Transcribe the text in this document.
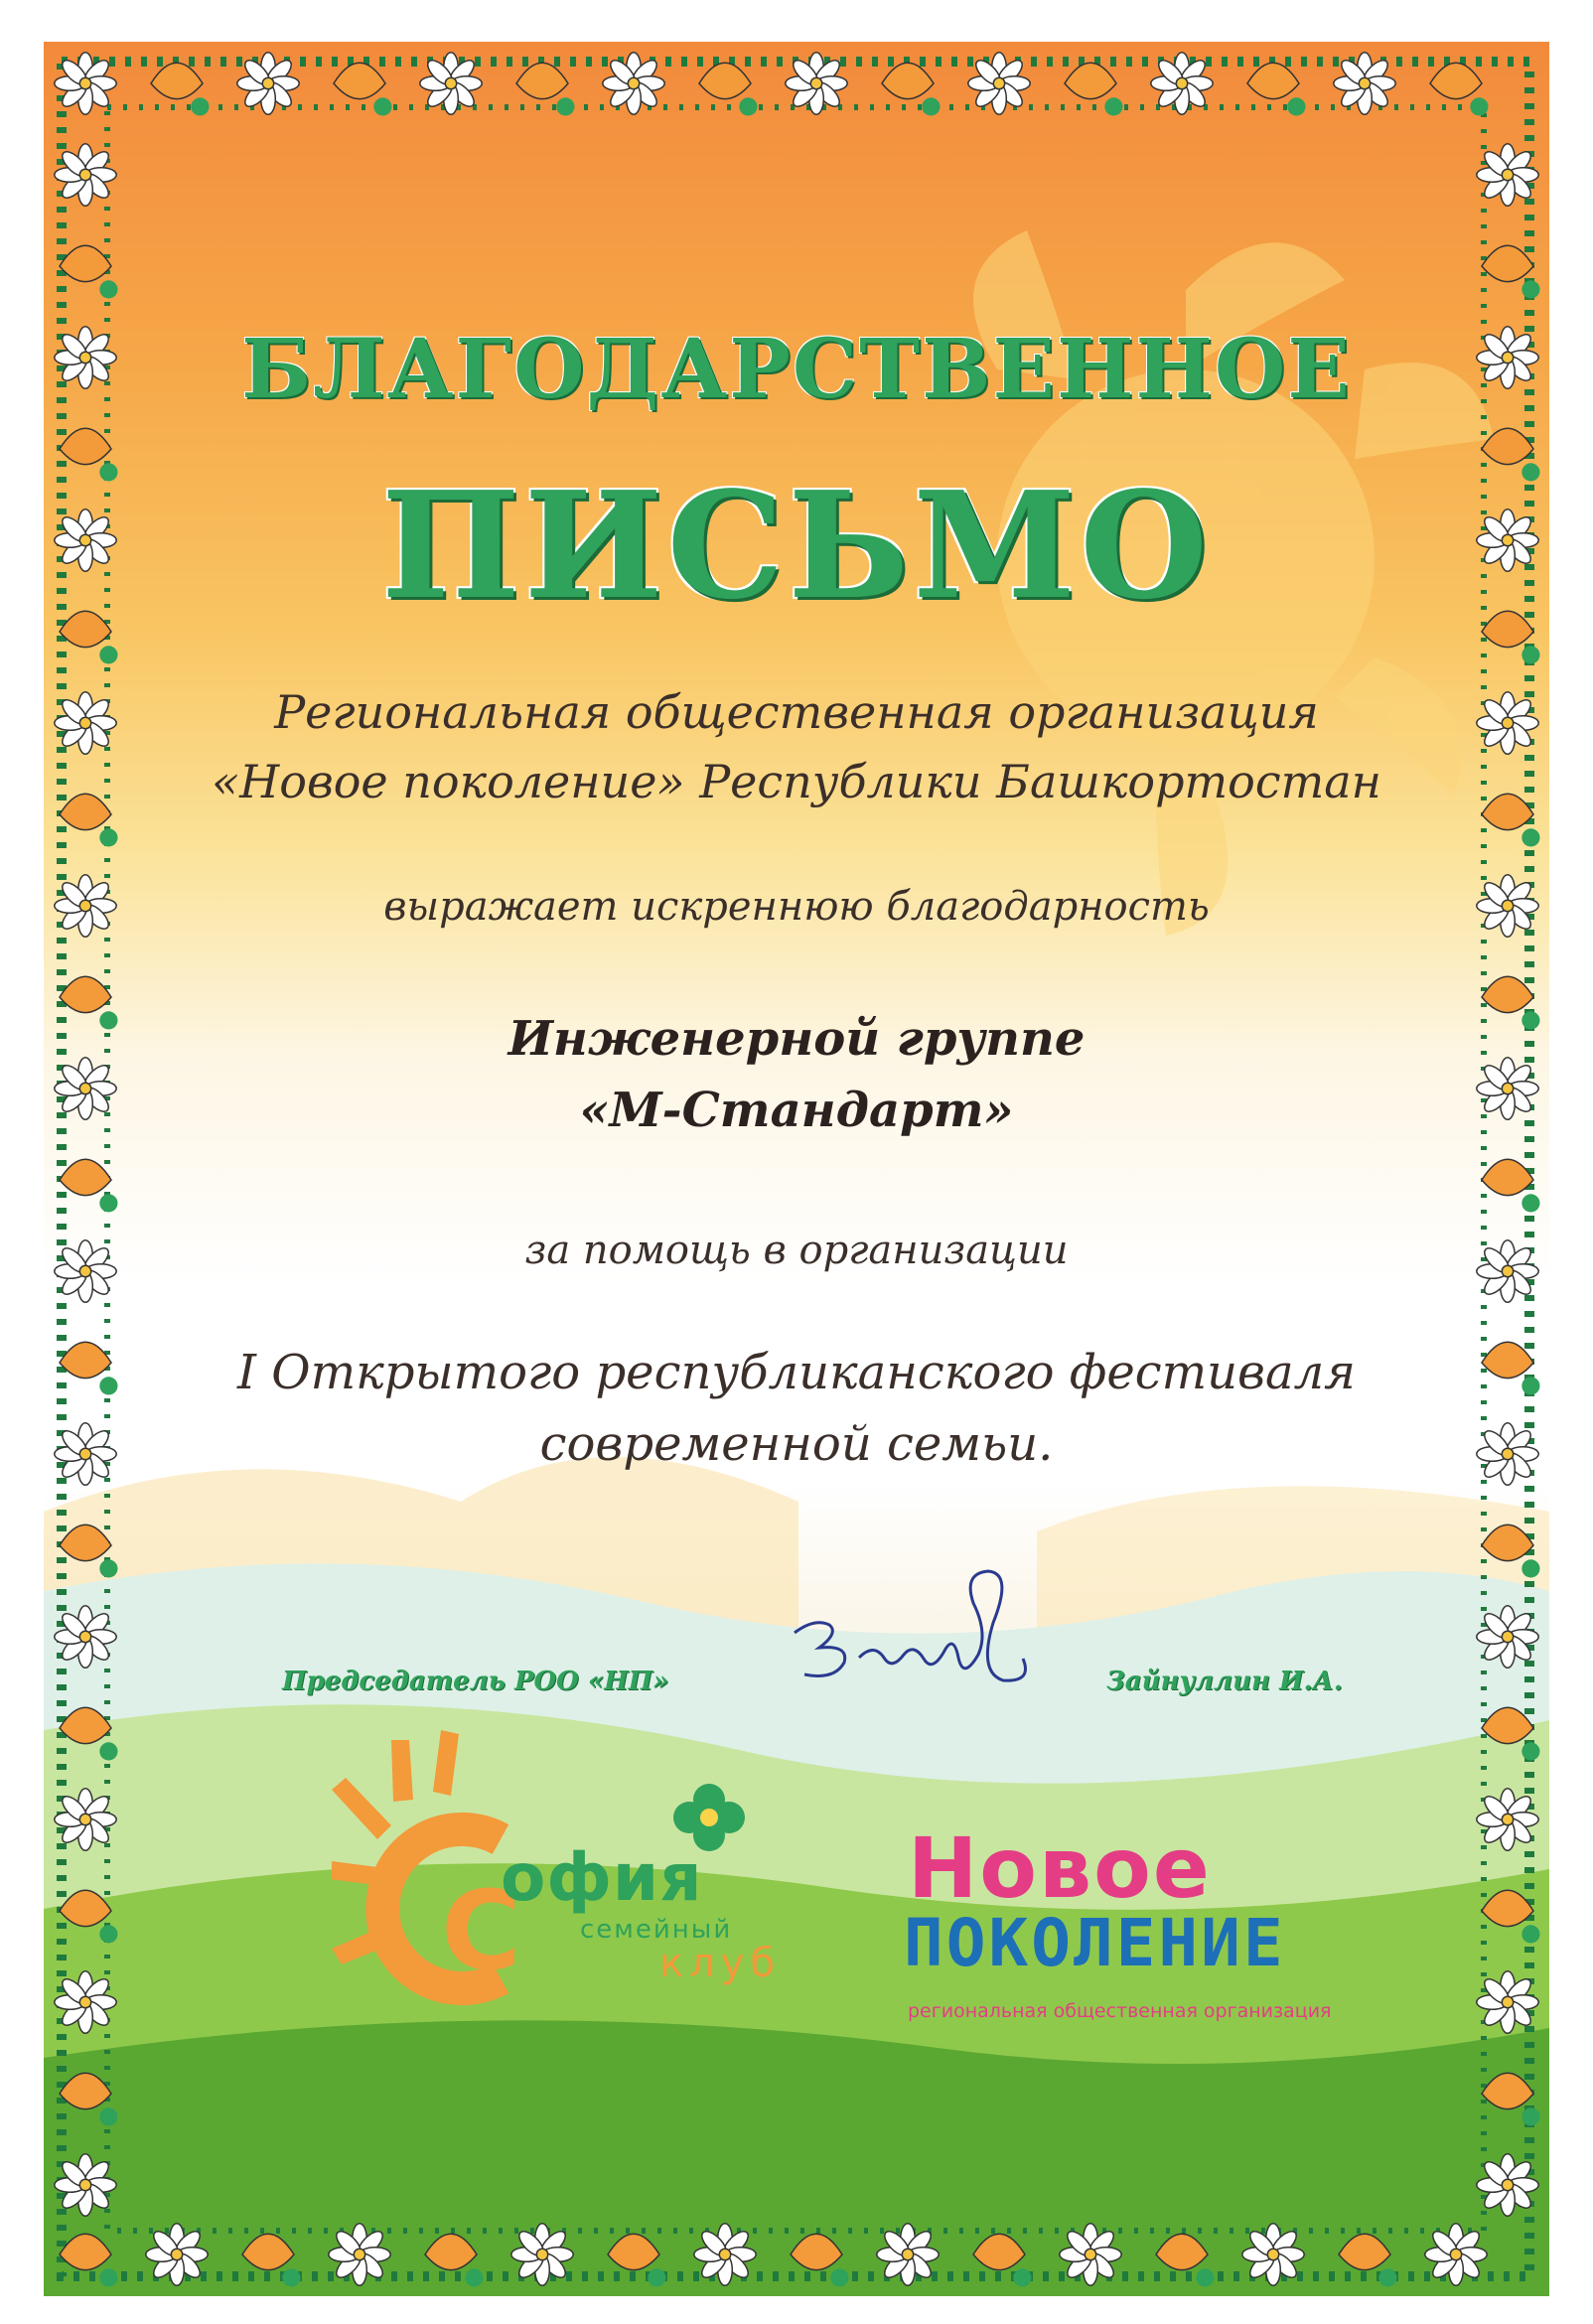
БЛАГОДАРСТВЕННОЕ
ПИСЬМО
Региональная общественная организация
«Новое поколение» Республики Башкортостан
выражает искреннюю благодарность
Инженерной группе
«М-Стандарт»
за помощь в организации
I Открытого республиканского фестиваля
современной семьи.
Председатель РОО «НП»	Зайнуллин И.А.
С
офия
семейный
клуб
Новое
ПОКОЛЕНИЕ
региональная общественная организация
